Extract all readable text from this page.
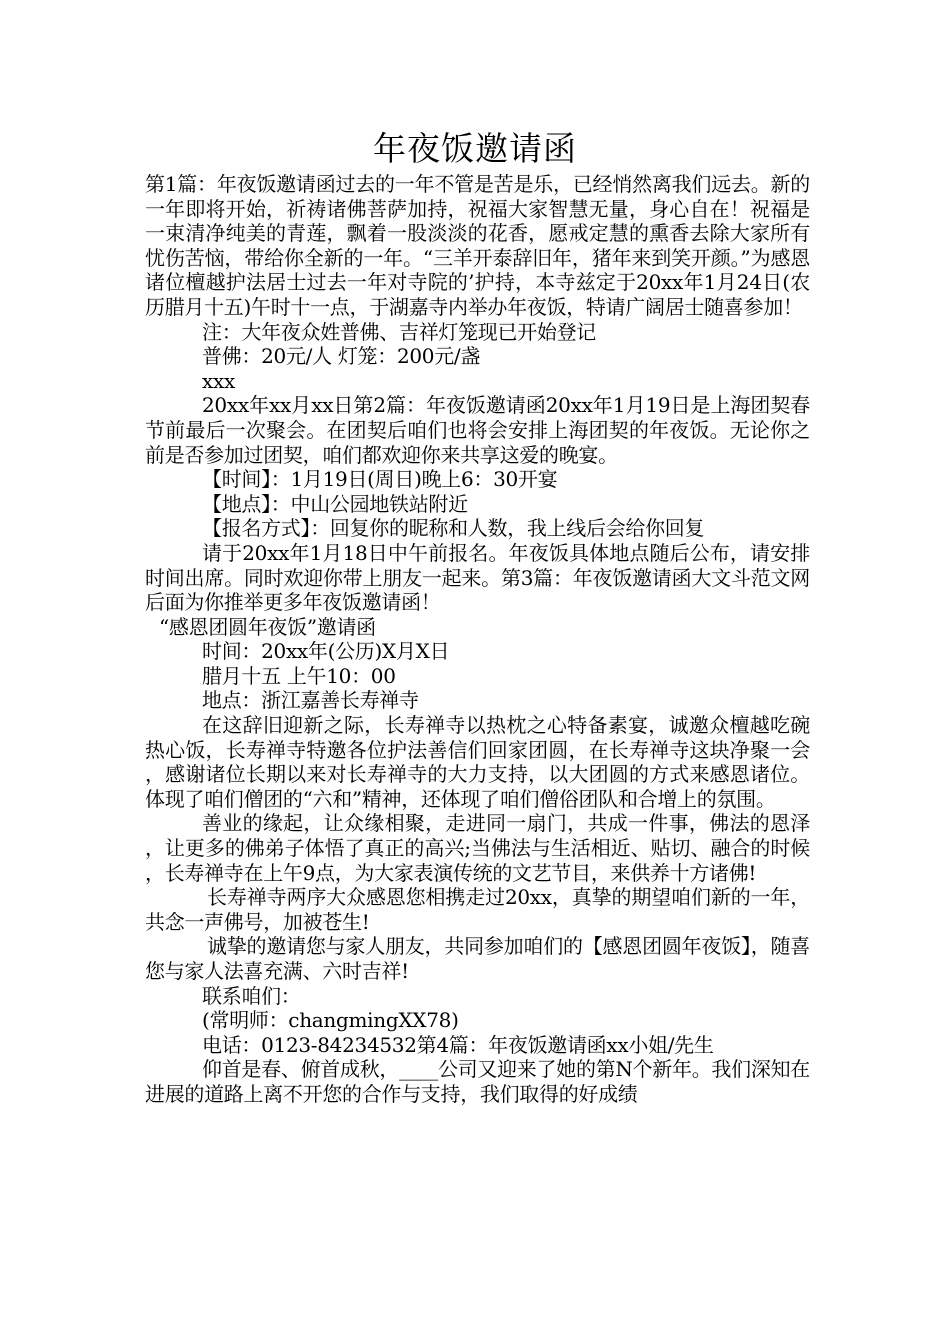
年夜饭邀请函

第1篇：年夜饭邀请函过去的一年不管是苦是乐，已经悄然离我们远去。新的一年即将开始，祈祷诸佛菩萨加持，祝福大家智慧无量，身心自在！祝福是一束清净纯美的青莲，飘着一股淡淡的花香，愿戒定慧的熏香去除大家所有忧伤苦恼，带给你全新的一年。“三羊开泰辞旧年，猪年来到笑开颜。”为感恩诸位檀越护法居士过去一年对寺院的’护持，本寺兹定于20xx年1月24日(农历腊月十五)午时十一点，于湖嘉寺内举办年夜饭，特请广阔居士随喜参加！

注：大年夜众姓普佛、吉祥灯笼现已开始登记

普佛：20元/人 灯笼：200元/盏

xxx

20xx年xx月xx日第2篇：年夜饭邀请函20xx年1月19日是上海团契春节前最后一次聚会。在团契后咱们也将会安排上海团契的年夜饭。无论你之前是否参加过团契，咱们都欢迎你来共享这爱的晚宴。

【时间】：1月19日(周日)晚上6：30开宴

【地点】：中山公园地铁站附近

【报名方式】：回复你的昵称和人数，我上线后会给你回复

请于20xx年1月18日中午前报名。年夜饭具体地点随后公布，请安排时间出席。同时欢迎你带上朋友一起来。第3篇：年夜饭邀请函大文斗范文网后面为你推举更多年夜饭邀请函！

“感恩团圆年夜饭”邀请函

时间：20xx年(公历)X月X日

腊月十五 上午10：00

地点：浙江嘉善长寿禅寺

在这辞旧迎新之际，长寿禅寺以热枕之心特备素宴，诚邀众檀越吃碗热心饭，长寿禅寺特邀各位护法善信们回家团圆，在长寿禅寺这块净聚一会，感谢诸位长期以来对长寿禅寺的大力支持，以大团圆的方式来感恩诸位。体现了咱们僧团的“六和”精神，还体现了咱们僧俗团队和合增上的氛围。

善业的缘起，让众缘相聚，走进同一扇门，共成一件事，佛法的恩泽，让更多的佛弟子体悟了真正的高兴;当佛法与生活相近、贴切、融合的时候，长寿禅寺在上午9点，为大家表演传统的文艺节目，来供养十方诸佛!

长寿禅寺两序大众感恩您相携走过20xx，真挚的期望咱们新的一年，共念一声佛号，加被苍生!

诚挚的邀请您与家人朋友，共同参加咱们的【感恩团圆年夜饭】，随喜您与家人法喜充满、六时吉祥!

联系咱们：

(常明师：changmingXX78)

电话：0123-84234532第4篇：年夜饭邀请函xx小姐/先生

仰首是春、俯首成秋，____公司又迎来了她的第N个新年。我们深知在进展的道路上离不开您的合作与支持，我们取得的好成绩
